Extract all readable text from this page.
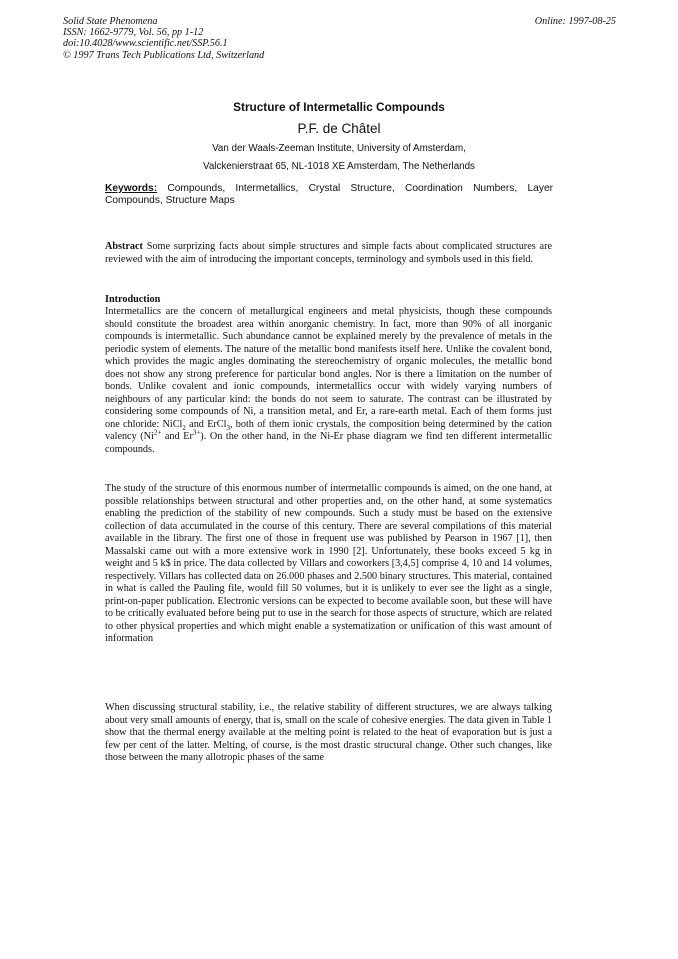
Solid State Phenomena
ISSN: 1662-9779, Vol. 56, pp 1-12
doi:10.4028/www.scientific.net/SSP.56.1
© 1997 Trans Tech Publications Ltd, Switzerland
Online: 1997-08-25
Structure of Intermetallic Compounds
P.F. de Châtel
Van der Waals-Zeeman Institute, University of Amsterdam,
Valckenierstraat 65, NL-1018 XE Amsterdam, The Netherlands
Keywords: Compounds, Intermetallics, Crystal Structure, Coordination Numbers, Layer Compounds, Structure Maps
Abstract Some surprizing facts about simple structures and simple facts about complicated structures are reviewed with the aim of introducing the important concepts, terminology and symbols used in this field.
Introduction
Intermetallics are the concern of metallurgical engineers and metal physicists, though these compounds should constitute the broadest area within anorganic chemistry. In fact, more than 90% of all inorganic compounds is intermetallic. Such abundance cannot be explained merely by the prevalence of metals in the periodic system of elements. The nature of the metallic bond manifests itself here. Unlike the covalent bond, which provides the magic angles dominating the stereochemistry of organic molecules, the metallic bond does not show any strong preference for particular bond angles. Nor is there a limitation on the number of bonds. Unlike covalent and ionic compounds, intermetallics occur with widely varying numbers of neighbours of any particular kind: the bonds do not seem to saturate. The contrast can be illustrated by considering some compounds of Ni, a transition metal, and Er, a rare-earth metal. Each of them forms just one chloride: NiCl$_2$ and ErCl$_3$, both of them ionic crystals, the composition being determined by the cation valency ($Ni^{2+}$ and $Er^{3+}$). On the other hand, in the Ni-Er phase diagram we find ten different intermetallic compounds.
The study of the structure of this enormous number of intermetallic compounds is aimed, on the one hand, at possible relationships between structural and other properties and, on the other hand, at some systematics enabling the prediction of the stability of new compounds. Such a study must be based on the extensive collection of data accumulated in the course of this century. There are several compilations of this material available in the library. The first one of those in frequent use was published by Pearson in 1967 [1], then Massalski came out with a more extensive work in 1990 [2]. Unfortunately, these books exceed 5 kg in weight and 5 k$ in price. The data collected by Villars and coworkers [3,4,5] comprise 4, 10 and 14 volumes, respectively. Villars has collected data on 26.000 phases and 2.500 binary structures. This material, contained in what is called the Pauling file, would fill 50 volumes, but it is unlikely to ever see the light as a single, print-on-paper publication. Electronic versions can be expected to become available soon, but these will have to be critically evaluated before being put to use in the search for those aspects of structure, which are related to other physical properties and which might enable a systematization or unification of this wast amount of information
When discussing structural stability, i.e., the relative stability of different structures, we are always talking about very small amounts of energy, that is, small on the scale of cohesive energies. The data given in Table 1 show that the thermal energy available at the melting point is related to the heat of evaporation but is just a few per cent of the latter. Melting, of course, is the most drastic structural change. Other such changes, like those between the many allotropic phases of the same
